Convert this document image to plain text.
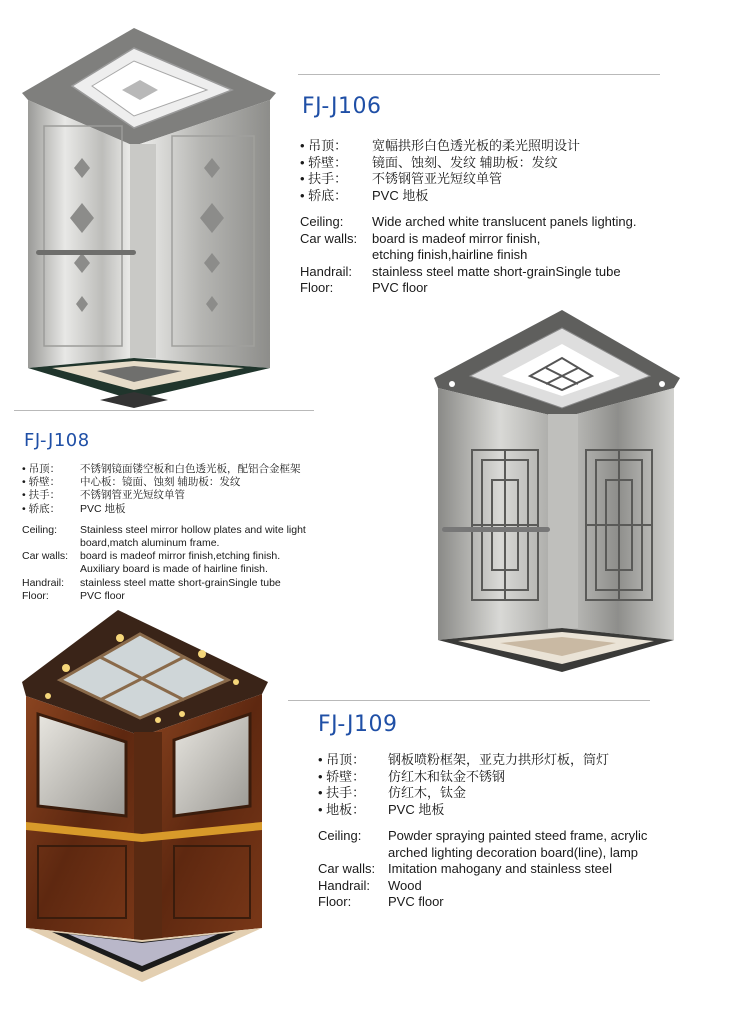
FJ-J106
• 吊顶：	宽幅拱形白色透光板的柔光照明设计
• 轿壁：	镜面、蚀刻、发纹 辅助板：发纹
• 扶手：	不锈钢管亚光短纹单管
• 轿底：	PVC 地板
Ceiling:	Wide arched white translucent panels lighting.
Car walls:	board is madeof mirror finish,
etching finish,hairline finish
Handrail:	stainless steel matte short-grainSingle tube
Floor:	PVC floor
FJ-J108
• 吊顶：	不锈钢镜面镂空板和白色透光板，配铝合金框架
• 轿壁：	中心板：镜面、蚀刻 辅助板：发纹
• 扶手：	不锈钢管亚光短纹单管
• 轿底：	PVC 地板
Ceiling:	Stainless steel mirror hollow plates and wite light
board,match aluminum frame.
Car walls:	board is madeof mirror finish,etching finish.
Auxiliary board is made of hairline finish.
Handrail:	stainless steel matte short-grainSingle tube
Floor:	PVC floor
FJ-J109
• 吊顶：	钢板喷粉框架，亚克力拱形灯板，筒灯
• 轿壁：	仿红木和钛金不锈钢
• 扶手：	仿红木，钛金
• 地板：	PVC 地板
Ceiling:	Powder spraying painted steed frame, acrylic
arched lighting decoration board(line), lamp
Car walls: Imitation mahogany and stainless steel
Handrail:	Wood
Floor:	PVC floor
